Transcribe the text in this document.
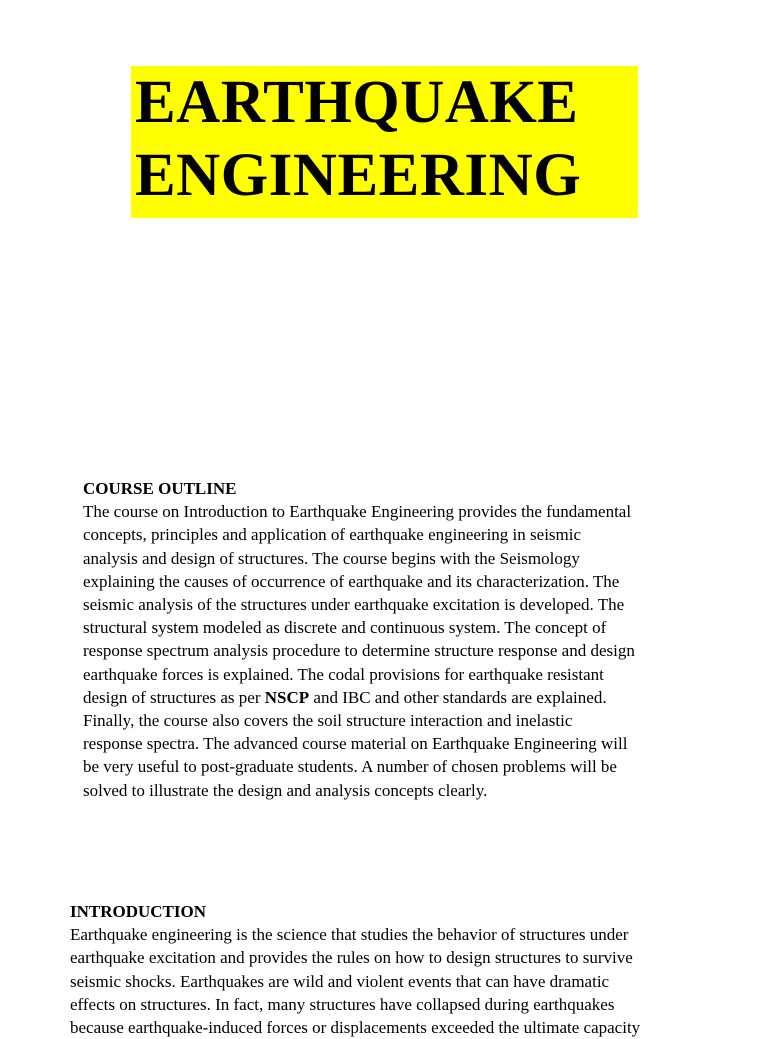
EARTHQUAKE
ENGINEERING
COURSE OUTLINE
The course on Introduction to Earthquake Engineering provides the fundamental
concepts, principles and application of earthquake engineering in seismic
analysis and design of structures. The course begins with the Seismology
explaining the causes of occurrence of earthquake and its characterization. The
seismic analysis of the structures under earthquake excitation is developed. The
structural system modeled as discrete and continuous system. The concept of
response spectrum analysis procedure to determine structure response and design
earthquake forces is explained. The codal provisions for earthquake resistant
design of structures as per NSCP and IBC and other standards are explained.
Finally, the course also covers the soil structure interaction and inelastic
response spectra. The advanced course material on Earthquake Engineering will
be very useful to post-graduate students. A number of chosen problems will be
solved to illustrate the design and analysis concepts clearly.
INTRODUCTION
Earthquake engineering is the science that studies the behavior of structures under
earthquake excitation and provides the rules on how to design structures to survive
seismic shocks. Earthquakes are wild and violent events that can have dramatic
effects on structures. In fact, many structures have collapsed during earthquakes
because earthquake-induced forces or displacements exceeded the ultimate capacity
